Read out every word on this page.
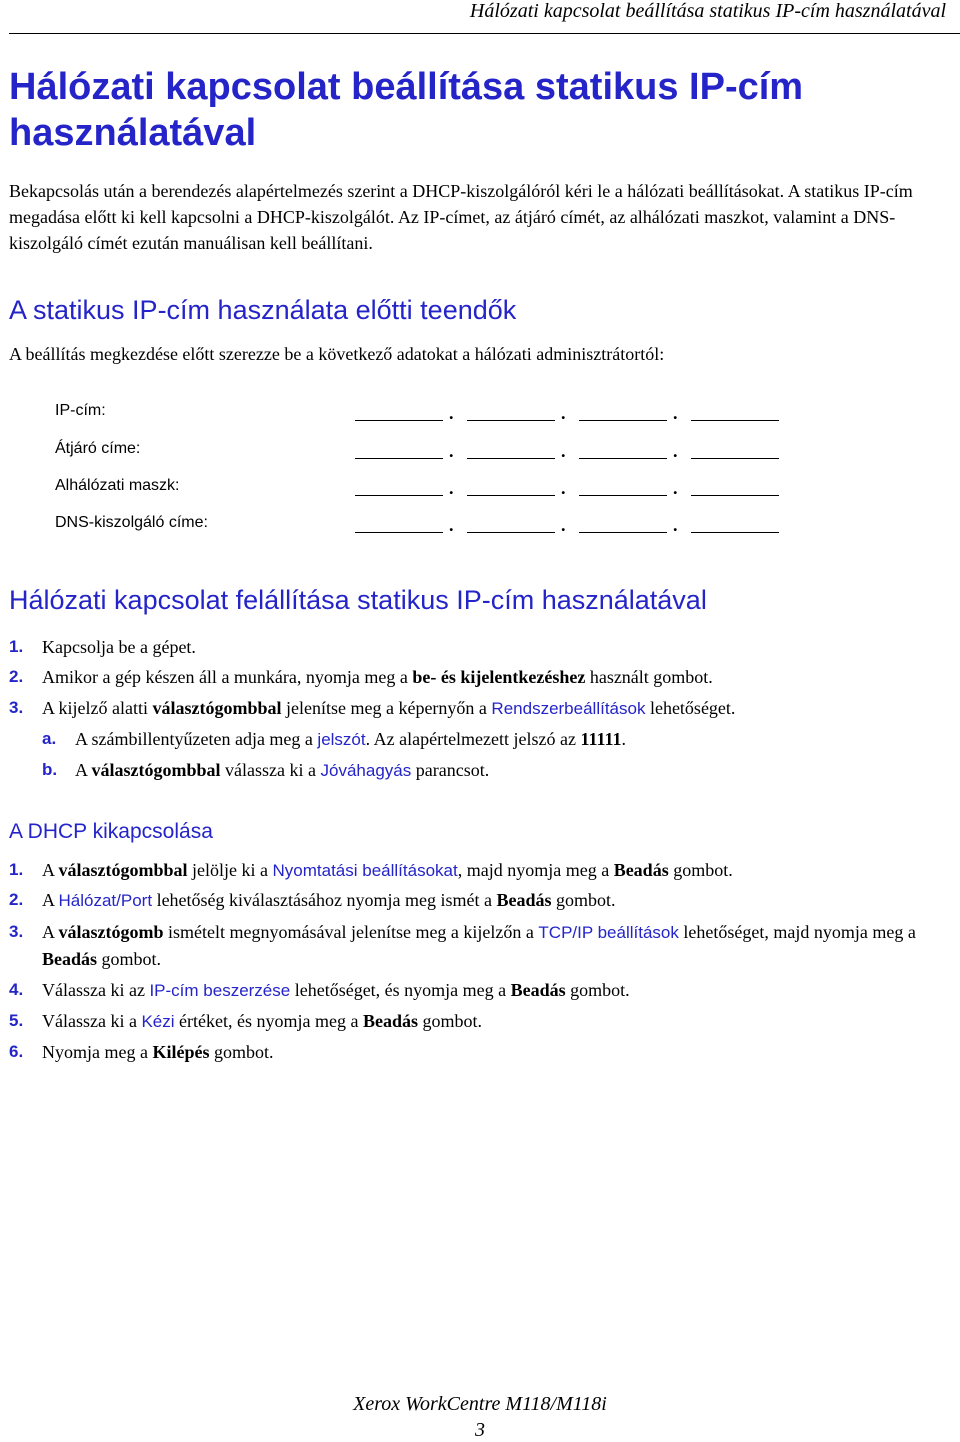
Hálózati kapcsolat beállítása statikus IP-cím használatával
Hálózati kapcsolat beállítása statikus IP-cím használatával

Bekapcsolás után a berendezés alapértelmezés szerint a DHCP-kiszolgálóról kéri le a hálózati beállításokat. A statikus IP-cím megadása előtt ki kell kapcsolni a DHCP-kiszolgálót. Az IP-címet, az átjáró címét, az alhálózati maszkot, valamint a DNS-kiszolgáló címét ezután manuálisan kell beállítani.

A statikus IP-cím használata előtti teendők

A beállítás megkezdése előtt szerezze be a következő adatokat a hálózati adminisztrátortól:

IP-cím:	.	.	.
Átjáró címe:	.	.	.
Alhálózati maszk:	.	.	.
DNS-kiszolgáló címe:	.	.	.
Hálózati kapcsolat felállítása statikus IP-cím használatával
1. Kapcsolja be a gépet.
2. Amikor a gép készen áll a munkára, nyomja meg a be- és kijelentkezéshez használt gombot.
3. A kijelző alatti választógombbal jelenítse meg a képernyőn a Rendszerbeállítások lehetőséget.
a. A számbillentyűzeten adja meg a jelszót. Az alapértelmezett jelszó az 11111.
b. A választógombbal válassza ki a Jóváhagyás parancsot.
A DHCP kikapcsolása
1. A választógombbal jelölje ki a Nyomtatási beállításokat, majd nyomja meg a Beadás gombot.
2. A Hálózat/Port lehetőség kiválasztásához nyomja meg ismét a Beadás gombot.
3. A választógomb ismételt megnyomásával jelenítse meg a kijelzőn a TCP/IP beállítások lehetőséget, majd nyomja meg a Beadás gombot.
4. Válassza ki az IP-cím beszerzése lehetőséget, és nyomja meg a Beadás gombot.
5. Válassza ki a Kézi értéket, és nyomja meg a Beadás gombot.
6. Nyomja meg a Kilépés gombot.
Xerox WorkCentre M118/M118i
3
